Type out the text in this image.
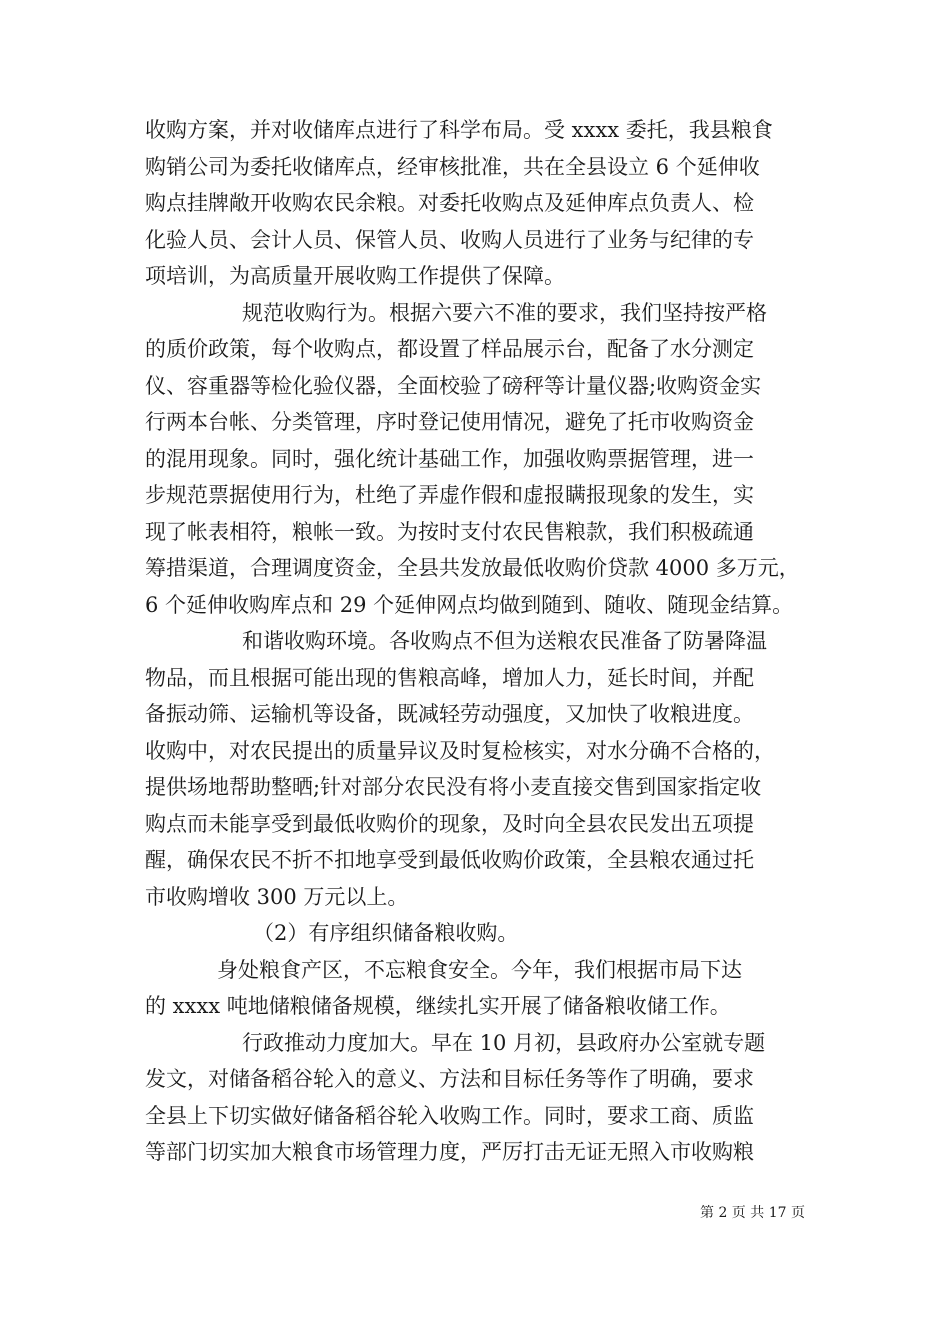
收购方案，并对收储库点进行了科学布局。受 xxxx 委托，我县粮食
购销公司为委托收储库点，经审核批准，共在全县设立 6 个延伸收
购点挂牌敞开收购农民余粮。对委托收购点及延伸库点负责人、检
化验人员、会计人员、保管人员、收购人员进行了业务与纪律的专
项培训，为高质量开展收购工作提供了保障。
规范收购行为。根据六要六不准的要求，我们坚持按严格
的质价政策，每个收购点，都设置了样品展示台，配备了水分测定
仪、容重器等检化验仪器，全面校验了磅秤等计量仪器;收购资金实
行两本台帐、分类管理，序时登记使用情况，避免了托市收购资金
的混用现象。同时，强化统计基础工作，加强收购票据管理，进一
步规范票据使用行为，杜绝了弄虚作假和虚报瞒报现象的发生，实
现了帐表相符，粮帐一致。为按时支付农民售粮款，我们积极疏通
筹措渠道，合理调度资金，全县共发放最低收购价贷款 4000 多万元，
6 个延伸收购库点和 29 个延伸网点均做到随到、随收、随现金结算。
和谐收购环境。各收购点不但为送粮农民准备了防暑降温
物品，而且根据可能出现的售粮高峰，增加人力，延长时间，并配
备振动筛、运输机等设备，既减轻劳动强度，又加快了收粮进度。
收购中，对农民提出的质量异议及时复检核实，对水分确不合格的，
提供场地帮助整晒;针对部分农民没有将小麦直接交售到国家指定收
购点而未能享受到最低收购价的现象，及时向全县农民发出五项提
醒，确保农民不折不扣地享受到最低收购价政策，全县粮农通过托
市收购增收 300 万元以上。
（2）有序组织储备粮收购。
身处粮食产区，不忘粮食安全。今年，我们根据市局下达
的 xxxx 吨地储粮储备规模，继续扎实开展了储备粮收储工作。
行政推动力度加大。早在 10 月初，县政府办公室就专题
发文，对储备稻谷轮入的意义、方法和目标任务等作了明确，要求
全县上下切实做好储备稻谷轮入收购工作。同时，要求工商、质监
等部门切实加大粮食市场管理力度，严厉打击无证无照入市收购粮
第 2 页 共 17 页
